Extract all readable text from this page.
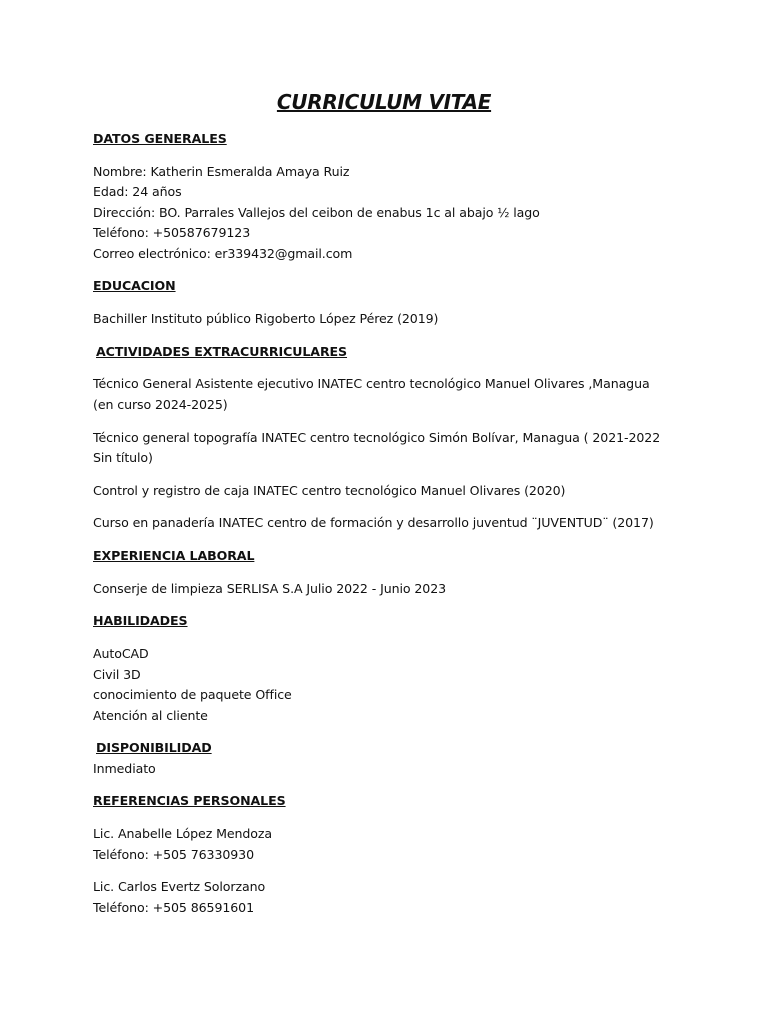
CURRICULUM VITAE
DATOS GENERALES
Nombre: Katherin Esmeralda Amaya Ruiz
Edad: 24 años
Dirección: BO. Parrales Vallejos del ceibon de enabus 1c al abajo ½ lago
Teléfono: +50587679123
Correo electrónico: er339432@gmail.com
EDUCACION
Bachiller Instituto público Rigoberto López Pérez (2019)
ACTIVIDADES EXTRACURRICULARES
Técnico General Asistente ejecutivo INATEC centro tecnológico Manuel Olivares ,Managua
(en curso 2024-2025)
Técnico general topografía INATEC centro tecnológico Simón Bolívar, Managua ( 2021-2022
Sin título)
Control y registro de caja INATEC centro tecnológico Manuel Olivares (2020)
Curso en panadería INATEC centro de formación y desarrollo juventud ¨JUVENTUD¨ (2017)
EXPERIENCIA LABORAL
Conserje de limpieza SERLISA S.A Julio 2022 - Junio 2023
HABILIDADES
AutoCAD
Civil 3D
conocimiento de paquete Office
Atención al cliente
DISPONIBILIDAD
Inmediato
REFERENCIAS PERSONALES
Lic. Anabelle López Mendoza
Teléfono: +505 76330930
Lic. Carlos Evertz Solorzano
Teléfono: +505 86591601
